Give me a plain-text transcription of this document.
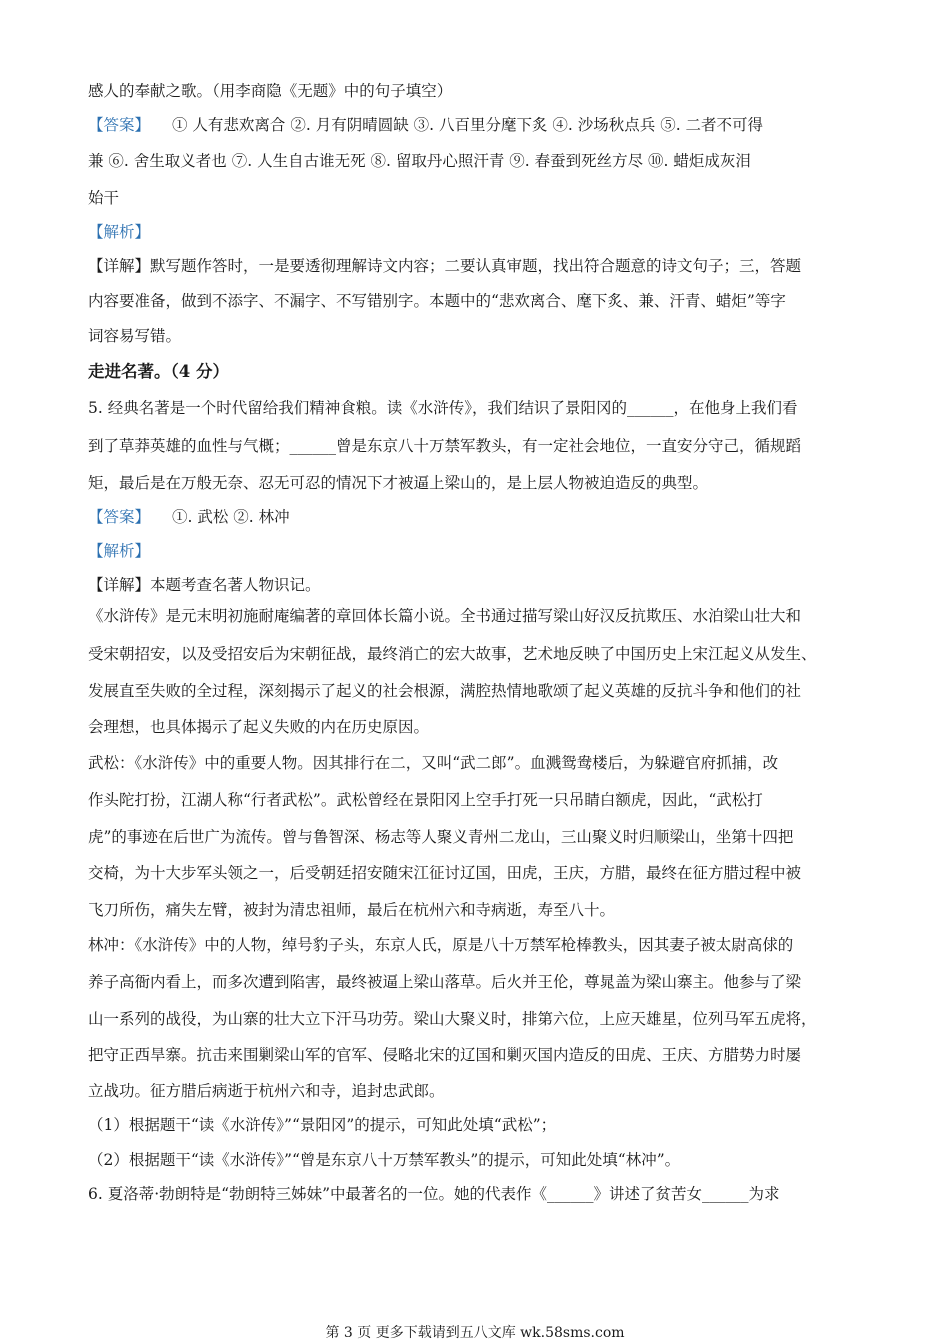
感人的奉献之歌。（用李商隐《无题》中的句子填空）
【答案】 ① 人有悲欢离合 ②. 月有阴晴圆缺 ③. 八百里分麾下炙 ④. 沙场秋点兵 ⑤. 二者不可得
兼 ⑥. 舍生取义者也 ⑦. 人生自古谁无死 ⑧. 留取丹心照汗青 ⑨. 春蚕到死丝方尽 ⑩. 蜡炬成灰泪
始干
【解析】
【详解】默写题作答时，一是要透彻理解诗文内容；二要认真审题，找出符合题意的诗文句子；三，答题
内容要准备，做到不添字、不漏字、不写错别字。本题中的“悲欢离合、麾下炙、兼、汗青、蜡炬”等字
词容易写错。
走进名著。（4 分）
5. 经典名著是一个时代留给我们精神食粮。读《水浒传》，我们结识了景阳冈的______，在他身上我们看
到了草莽英雄的血性与气概；______曾是东京八十万禁军教头，有一定社会地位，一直安分守己，循规蹈
矩，最后是在万般无奈、忍无可忍的情况下才被逼上梁山的，是上层人物被迫造反的典型。
【答案】 ①. 武松 ②. 林冲
【解析】
【详解】本题考查名著人物识记。
《水浒传》是元末明初施耐庵编著的章回体长篇小说。全书通过描写梁山好汉反抗欺压、水泊梁山壮大和
受宋朝招安，以及受招安后为宋朝征战，最终消亡的宏大故事，艺术地反映了中国历史上宋江起义从发生、
发展直至失败的全过程，深刻揭示了起义的社会根源，满腔热情地歌颂了起义英雄的反抗斗争和他们的社
会理想，也具体揭示了起义失败的内在历史原因。
武松：《水浒传》中的重要人物。因其排行在二，又叫“武二郎”。血溅鸳鸯楼后，为躲避官府抓捕，改
作头陀打扮，江湖人称“行者武松”。武松曾经在景阳冈上空手打死一只吊睛白额虎，因此，“武松打
虎”的事迹在后世广为流传。曾与鲁智深、杨志等人聚义青州二龙山，三山聚义时归顺梁山，坐第十四把
交椅，为十大步军头领之一，后受朝廷招安随宋江征讨辽国，田虎，王庆，方腊，最终在征方腊过程中被
飞刀所伤，痛失左臂，被封为清忠祖师，最后在杭州六和寺病逝，寿至八十。
林冲：《水浒传》中的人物，绰号豹子头，东京人氏，原是八十万禁军枪棒教头，因其妻子被太尉高俅的
养子高衙内看上，而多次遭到陷害，最终被逼上梁山落草。后火并王伦，尊晁盖为梁山寨主。他参与了梁
山一系列的战役，为山寨的壮大立下汗马功劳。梁山大聚义时，排第六位，上应天雄星，位列马军五虎将，
把守正西旱寨。抗击来围剿梁山军的官军、侵略北宋的辽国和剿灭国内造反的田虎、王庆、方腊势力时屡
立战功。征方腊后病逝于杭州六和寺，追封忠武郎。
（1）根据题干“读《水浒传》”“景阳冈”的提示，可知此处填“武松”；
（2）根据题干“读《水浒传》”“曾是东京八十万禁军教头”的提示，可知此处填“林冲”。
6. 夏洛蒂·勃朗特是“勃朗特三姊妹”中最著名的一位。她的代表作《______》讲述了贫苦女______为求
第 3 页 更多下载请到五八文库 wk.58sms.com
